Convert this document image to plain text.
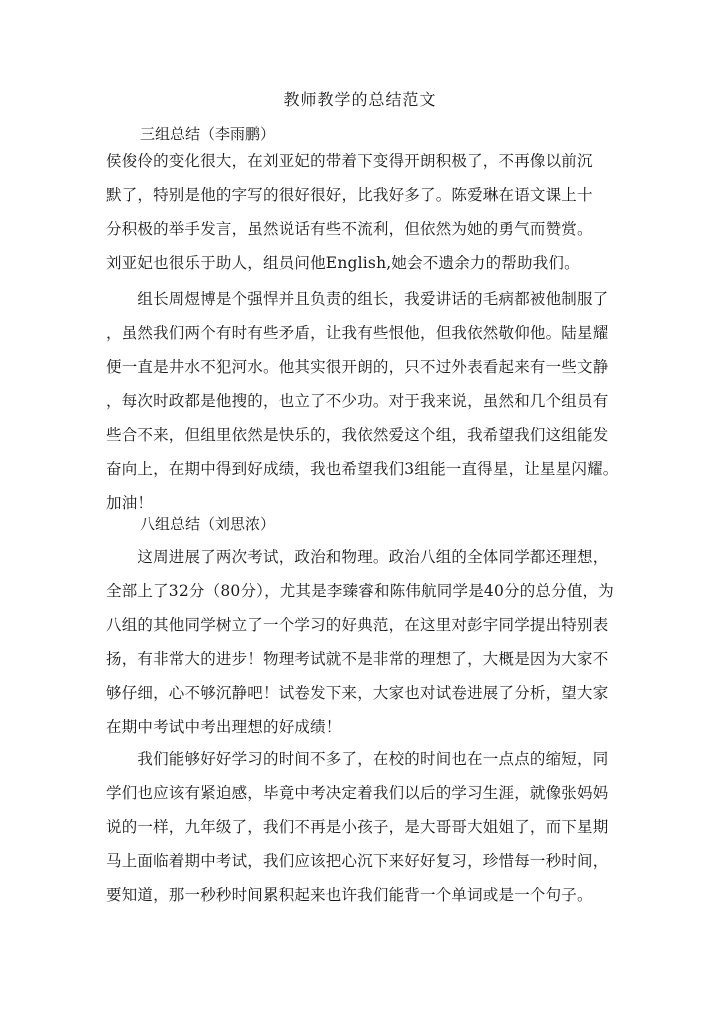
教师教学的总结范文
三组总结（李雨鹏）
侯俊伶的变化很大，在刘亚妃的带着下变得开朗积极了，不再像以前沉
默了，特别是他的字写的很好很好，比我好多了。陈爱琳在语文课上十
分积极的举手发言，虽然说话有些不流利，但依然为她的勇气而赞赏。
刘亚妃也很乐于助人，组员问他English,她会不遗余力的帮助我们。
　　组长周煜博是个强悍并且负责的组长，我爱讲话的毛病都被他制服了
，虽然我们两个有时有些矛盾，让我有些恨他，但我依然敬仰他。陆星耀
便一直是井水不犯河水。他其实很开朗的，只不过外表看起来有一些文静
，每次时政都是他搜的，也立了不少功。对于我来说，虽然和几个组员有
些合不来，但组里依然是快乐的，我依然爱这个组，我希望我们这组能发
奋向上，在期中得到好成绩，我也希望我们3组能一直得星，让星星闪耀。
加油！
八组总结（刘思浓）
　　这周进展了两次考试，政治和物理。政治八组的全体同学都还理想，
全部上了32分（80分），尤其是李臻睿和陈伟航同学是40分的总分值，为
八组的其他同学树立了一个学习的好典范，在这里对彭宇同学提出特别表
扬，有非常大的进步！物理考试就不是非常的理想了，大概是因为大家不
够仔细，心不够沉静吧！试卷发下来，大家也对试卷进展了分析，望大家
在期中考试中考出理想的好成绩！
　　我们能够好好学习的时间不多了，在校的时间也在一点点的缩短，同
学们也应该有紧迫感，毕竟中考决定着我们以后的学习生涯，就像张妈妈
说的一样，九年级了，我们不再是小孩子，是大哥哥大姐姐了，而下星期
马上面临着期中考试，我们应该把心沉下来好好复习，珍惜每一秒时间，
要知道，那一秒秒时间累积起来也许我们能背一个单词或是一个句子。
